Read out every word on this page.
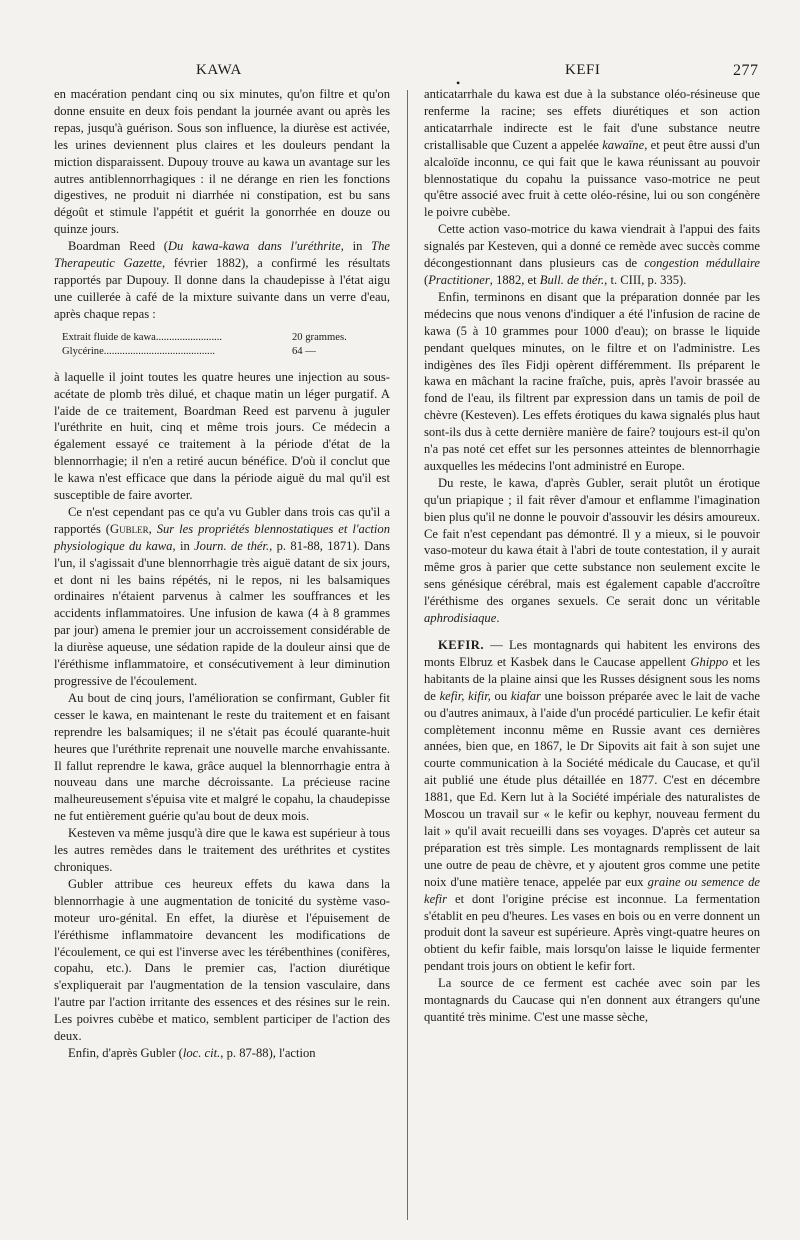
KAWA	KEFI	277
•

en macération pendant cinq ou six minutes, qu'on filtre et qu'on donne ensuite en deux fois pendant la journée avant ou après les repas, jusqu'à guérison. Sous son influence, la diurèse est activée, les urines deviennent plus claires et les douleurs pendant la miction disparaissent. Dupouy trouve au kawa un avantage sur les autres antiblennorrhagiques : il ne dérange en rien les fonctions digestives, ne produit ni diarrhée ni constipation, est bu sans dégoût et stimule l'appétit et guérit la gonorrhée en douze ou quinze jours.

Boardman Reed (Du kawa-kawa dans l'uréthrite, in The Therapeutic Gazette, février 1882), a confirmé les résultats rapportés par Dupouy. Il donne dans la chaudepisse à l'état aigu une cuillerée à café de la mixture suivante dans un verre d'eau, après chaque repas :

Extrait fluide de kawa.........................	20 grammes.
Glycérine..........................................	64 —

à laquelle il joint toutes les quatre heures une injection au sous-acétate de plomb très dilué, et chaque matin un léger purgatif. A l'aide de ce traitement, Boardman Reed est parvenu à juguler l'uréthrite en huit, cinq et même trois jours. Ce médecin a également essayé ce traitement à la période d'état de la blennorrhagie; il n'en a retiré aucun bénéfice. D'où il conclut que le kawa n'est efficace que dans la période aiguë du mal qu'il est susceptible de faire avorter.

Ce n'est cependant pas ce qu'a vu Gubler dans trois cas qu'il a rapportés (Gubler, Sur les propriétés blennostatiques et l'action physiologique du kawa, in Journ. de thér., p. 81-88, 1871). Dans l'un, il s'agissait d'une blennorrhagie très aiguë datant de six jours, et dont ni les bains répétés, ni le repos, ni les balsamiques ordinaires n'étaient parvenus à calmer les souffrances et les accidents inflammatoires. Une infusion de kawa (4 à 8 grammes par jour) amena le premier jour un accroissement considérable de la diurèse aqueuse, une sédation rapide de la douleur ainsi que de l'éréthisme inflammatoire, et consécutivement à leur diminution progressive de l'écoulement.

Au bout de cinq jours, l'amélioration se confirmant, Gubler fit cesser le kawa, en maintenant le reste du traitement et en faisant reprendre les balsamiques; il ne s'était pas écoulé quarante-huit heures que l'uréthrite reprenait une nouvelle marche envahissante. Il fallut reprendre le kawa, grâce auquel la blennorrhagie entra à nouveau dans une marche décroissante. La précieuse racine malheureusement s'épuisa vite et malgré le copahu, la chaudepisse ne fut entièrement guérie qu'au bout de deux mois.

Kesteven va même jusqu'à dire que le kawa est supérieur à tous les autres remèdes dans le traitement des uréthrites et cystites chroniques.

Gubler attribue ces heureux effets du kawa dans la blennorrhagie à une augmentation de tonicité du système vaso-moteur uro-génital. En effet, la diurèse et l'épuisement de l'éréthisme inflammatoire devancent les modifications de l'écoulement, ce qui est l'inverse avec les térébenthines (conifères, copahu, etc.). Dans le premier cas, l'action diurétique s'expliquerait par l'augmentation de la tension vasculaire, dans l'autre par l'action irritante des essences et des résines sur le rein. Les poivres cubèbe et matico, semblent participer de l'action des deux.

Enfin, d'après Gubler (loc. cit., p. 87-88), l'action

anticatarrhale du kawa est due à la substance oléo-résineuse que renferme la racine; ses effets diurétiques et son action anticatarrhale indirecte est le fait d'une substance neutre cristallisable que Cuzent a appelée kawaïne, et peut être aussi d'un alcaloïde inconnu, ce qui fait que le kawa réunissant au pouvoir blennostatique du copahu la puissance vaso-motrice ne peut qu'être associé avec fruit à cette oléo-résine, lui ou son congénère le poivre cubèbe.

Cette action vaso-motrice du kawa viendrait à l'appui des faits signalés par Kesteven, qui a donné ce remède avec succès comme décongestionnant dans plusieurs cas de congestion médullaire (Practitioner, 1882, et Bull. de thér., t. CIII, p. 335).

Enfin, terminons en disant que la préparation donnée par les médecins que nous venons d'indiquer a été l'infusion de racine de kawa (5 à 10 grammes pour 1000 d'eau); on brasse le liquide pendant quelques minutes, on le filtre et on l'administre. Les indigènes des îles Fidji opèrent différemment. Ils préparent le kawa en mâchant la racine fraîche, puis, après l'avoir brassée au fond de l'eau, ils filtrent par expression dans un tamis de poil de chèvre (Kesteven). Les effets érotiques du kawa signalés plus haut sont-ils dus à cette dernière manière de faire? toujours est-il qu'on n'a pas noté cet effet sur les personnes atteintes de blennorrhagie auxquelles les médecins l'ont administré en Europe.

Du reste, le kawa, d'après Gubler, serait plutôt un érotique qu'un priapique ; il fait rêver d'amour et enflamme l'imagination bien plus qu'il ne donne le pouvoir d'assouvir les désirs amoureux. Ce fait n'est cependant pas démontré. Il y a mieux, si le pouvoir vaso-moteur du kawa était à l'abri de toute contestation, il y aurait même gros à parier que cette substance non seulement excite le sens génésique cérébral, mais est également capable d'accroître l'éréthisme des organes sexuels. Ce serait donc un véritable aphrodisiaque.

KEFIR. — Les montagnards qui habitent les environs des monts Elbruz et Kasbek dans le Caucase appellent Ghippo et les habitants de la plaine ainsi que les Russes désignent sous les noms de kefir, kifir, ou kiafar une boisson préparée avec le lait de vache ou d'autres animaux, à l'aide d'un procédé particulier. Le kefir était complètement inconnu même en Russie avant ces dernières années, bien que, en 1867, le Dr Sipovits ait fait à son sujet une courte communication à la Société médicale du Caucase, et qu'il ait publié une étude plus détaillée en 1877. C'est en décembre 1881, que Ed. Kern lut à la Société impériale des naturalistes de Moscou un travail sur « le kefir ou kephyr, nouveau ferment du lait » qu'il avait recueilli dans ses voyages. D'après cet auteur sa préparation est très simple. Les montagnards remplissent de lait une outre de peau de chèvre, et y ajoutent gros comme une petite noix d'une matière tenace, appelée par eux graine ou semence de kefir et dont l'origine précise est inconnue. La fermentation s'établit en peu d'heures. Les vases en bois ou en verre donnent un produit dont la saveur est supérieure. Après vingt-quatre heures on obtient du kefir faible, mais lorsqu'on laisse le liquide fermenter pendant trois jours on obtient le kefir fort.

La source de ce ferment est cachée avec soin par les montagnards du Caucase qui n'en donnent aux étrangers qu'une quantité très minime. C'est une masse sèche,
